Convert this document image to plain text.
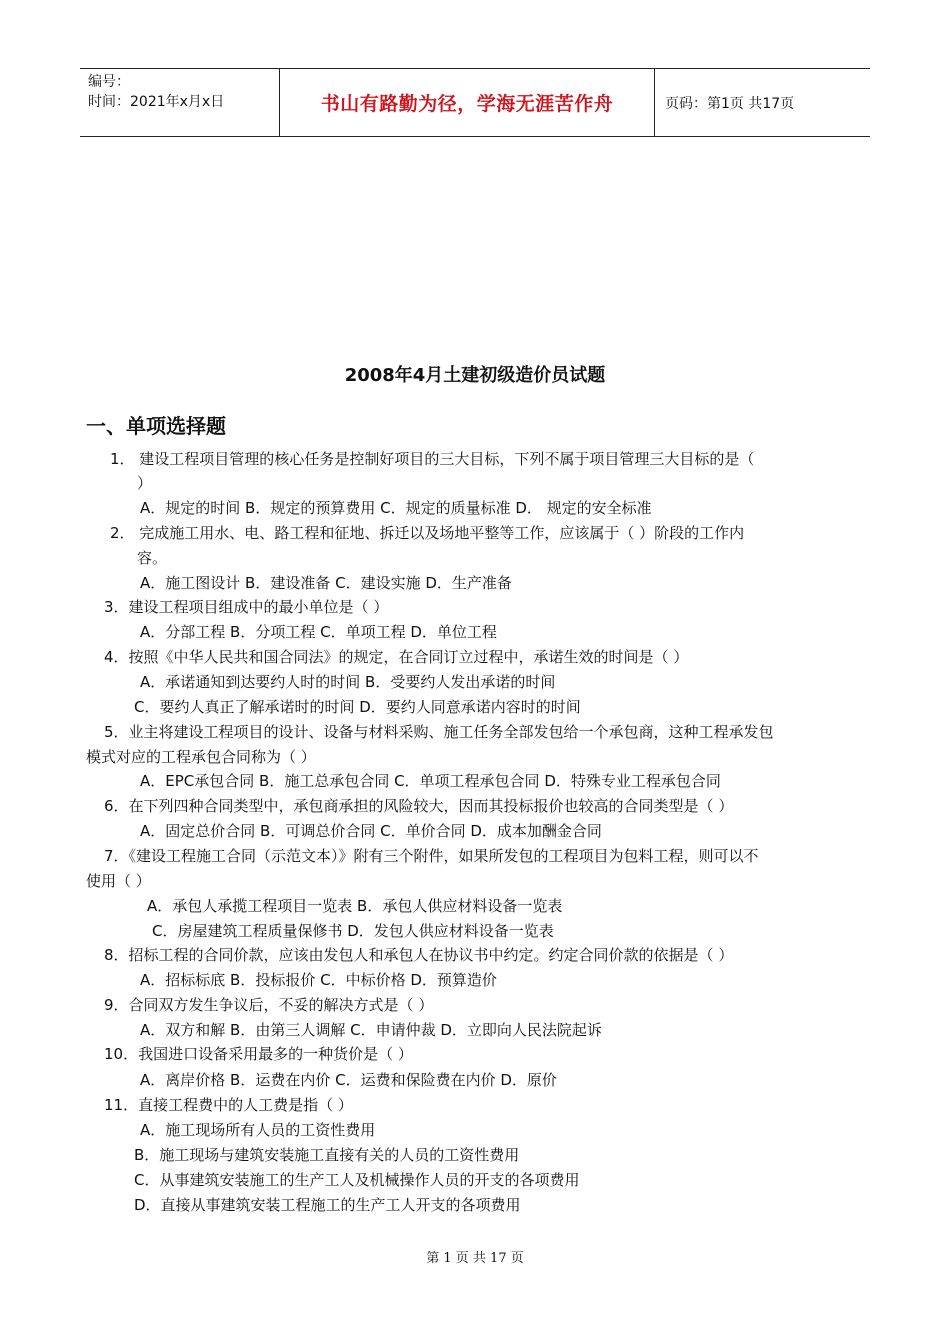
编号：
时间：2021年x月x日	书山有路勤为径，学海无涯苦作舟	页码：第1页 共17页
2008年4月土建初级造价员试题
一、单项选择题
1． 建设工程项目管理的核心任务是控制好项目的三大目标，下列不属于项目管理三大目标的是（
）
A．规定的时间 B．规定的预算费用 C．规定的质量标准 D． 规定的安全标准
2． 完成施工用水、电、路工程和征地、拆迁以及场地平整等工作，应该属于（ ）阶段的工作内
容。
A．施工图设计 B．建设准备 C．建设实施 D．生产准备
3．建设工程项目组成中的最小单位是（ ）
A．分部工程 B．分项工程 C．单项工程 D．单位工程
4．按照《中华人民共和国合同法》的规定，在合同订立过程中，承诺生效的时间是（ ）
A．承诺通知到达要约人时的时间 B．受要约人发出承诺的时间
C．要约人真正了解承诺时的时间 D．要约人同意承诺内容时的时间
5．业主将建设工程项目的设计、设备与材料采购、施工任务全部发包给一个承包商，这种工程承发包
模式对应的工程承包合同称为（ ）
A．EPC承包合同 B．施工总承包合同 C．单项工程承包合同 D．特殊专业工程承包合同
6．在下列四种合同类型中，承包商承担的风险较大，因而其投标报价也较高的合同类型是（ ）
A．固定总价合同 B．可调总价合同 C．单价合同 D．成本加酬金合同
7．《建设工程施工合同（示范文本）》附有三个附件，如果所发包的工程项目为包料工程，则可以不
使用（ ）
A．承包人承揽工程项目一览表 B．承包人供应材料设备一览表
C．房屋建筑工程质量保修书 D．发包人供应材料设备一览表
8．招标工程的合同价款，应该由发包人和承包人在协议书中约定。约定合同价款的依据是（ ）
A．招标标底 B．投标报价 C．中标价格 D．预算造价
9．合同双方发生争议后，不妥的解决方式是（ ）
A．双方和解 B．由第三人调解 C．申请仲裁 D．立即向人民法院起诉
10．我国进口设备采用最多的一种货价是（ ）
A．离岸价格 B．运费在内价 C．运费和保险费在内价 D．原价
11．直接工程费中的人工费是指（ ）
A．施工现场所有人员的工资性费用
B．施工现场与建筑安装施工直接有关的人员的工资性费用
C．从事建筑安装施工的生产工人及机械操作人员的开支的各项费用
D．直接从事建筑安装工程施工的生产工人开支的各项费用
第 1 页 共 17 页
